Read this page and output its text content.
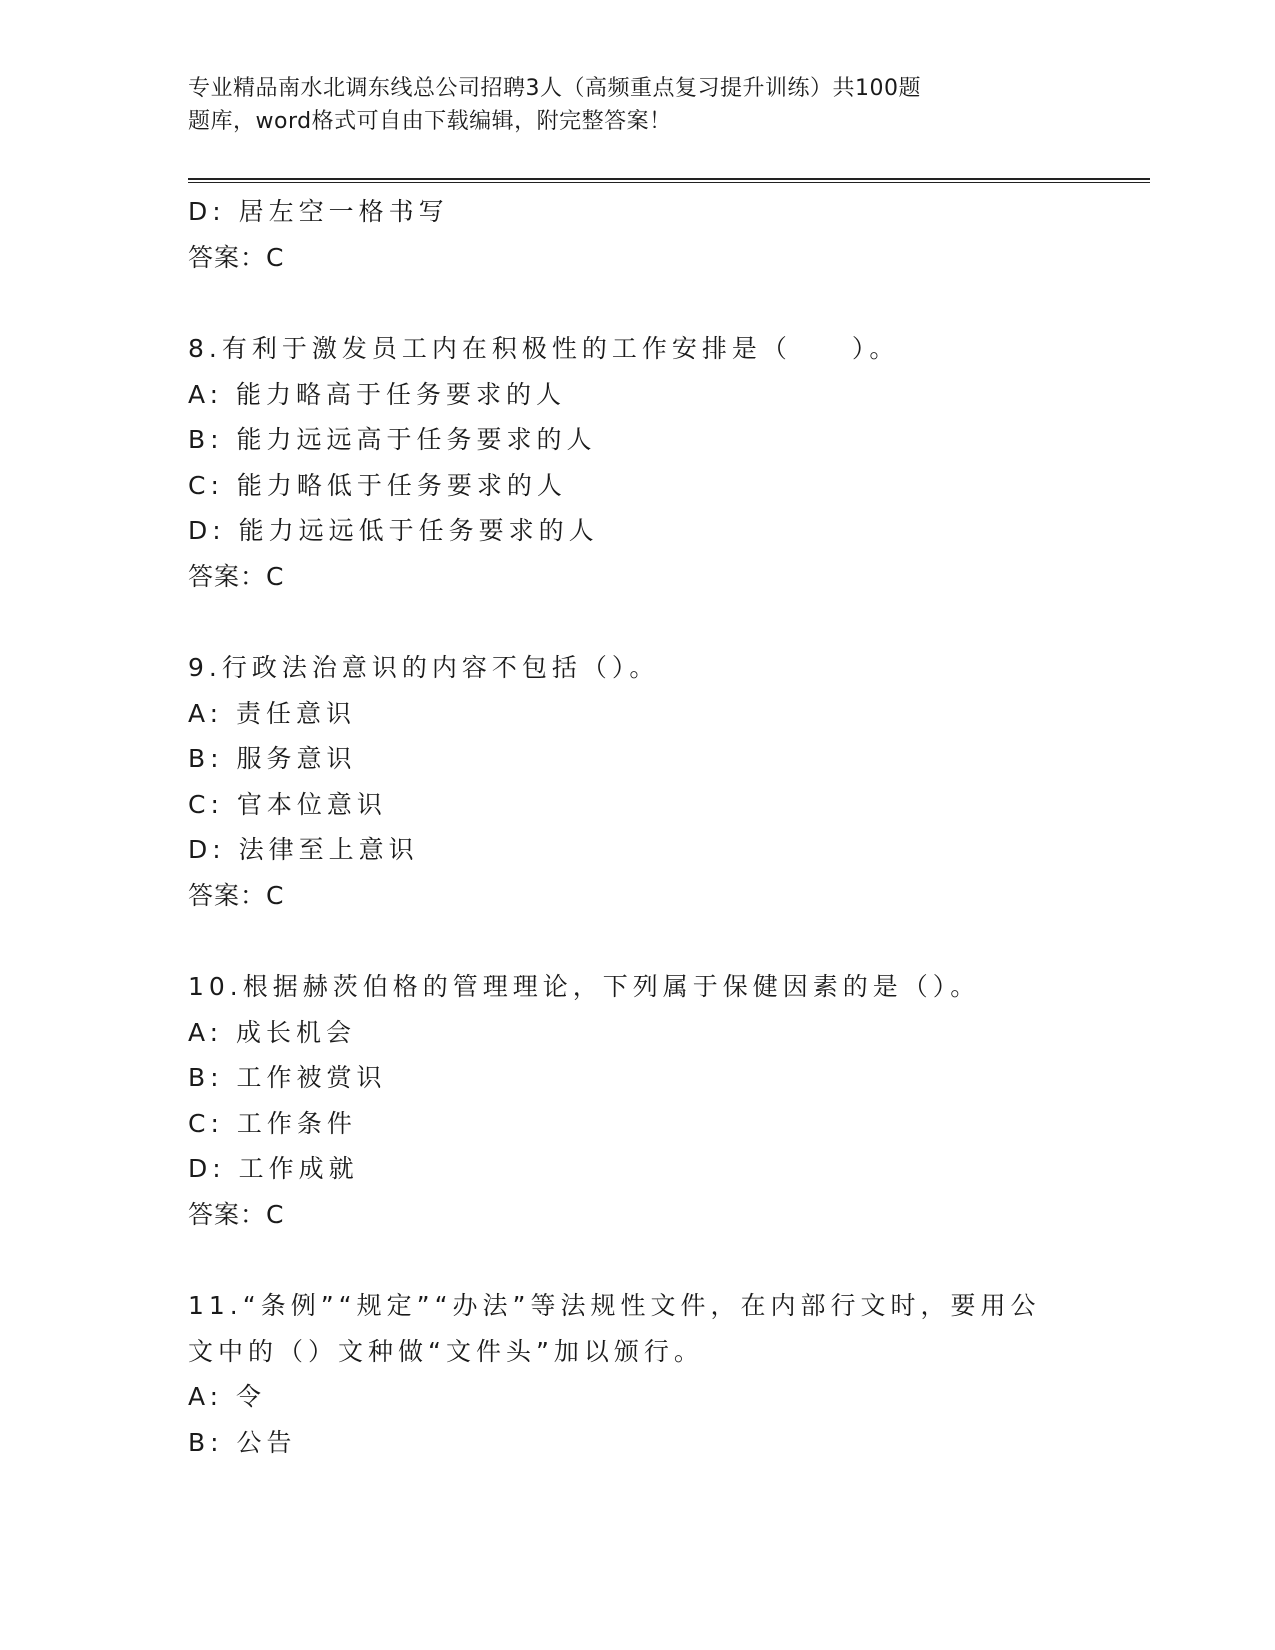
专业精品南水北调东线总公司招聘3人（高频重点复习提升训练）共100题
题库，word格式可自由下载编辑，附完整答案！
D: 居左空一格书写
答案：C
8.有利于激发员工内在积极性的工作安排是（　　）。
A: 能力略高于任务要求的人
B: 能力远远高于任务要求的人
C: 能力略低于任务要求的人
D: 能力远远低于任务要求的人
答案：C
9.行政法治意识的内容不包括（）。
A: 责任意识
B: 服务意识
C: 官本位意识
D: 法律至上意识
答案：C
10.根据赫茨伯格的管理理论，下列属于保健因素的是（）。
A: 成长机会
B: 工作被赏识
C: 工作条件
D: 工作成就
答案：C
11.“条例”“规定”“办法”等法规性文件，在内部行文时，要用公
文中的（）文种做“文件头”加以颁行。
A: 令
B: 公告
